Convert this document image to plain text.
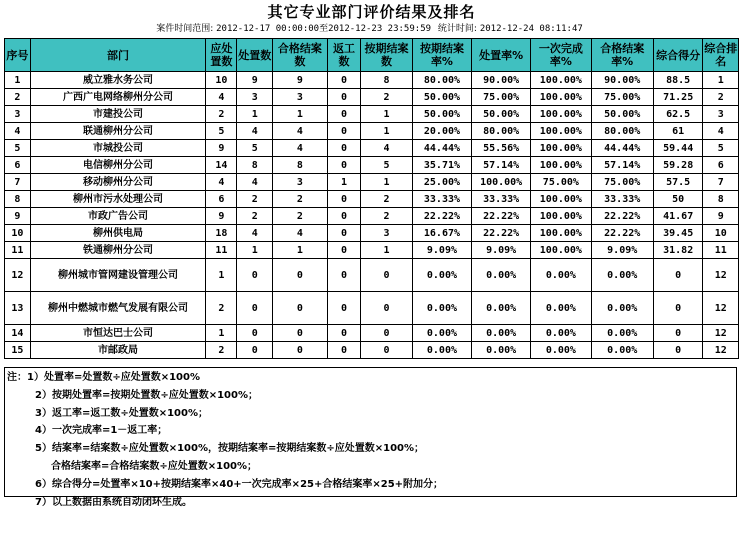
其它专业部门评价结果及排名
案件时间范围: 2012-12-17 00:00:00至2012-12-23 23:59:59 统计时间: 2012-12-24 08:11:47
序号	部门	应处置数	处置数	合格结案数	返工数	按期结案数	按期结案率%	处置率%	一次完成率%	合格结案率%	综合得分	综合排名
1	威立雅水务公司	10	9	9	0	8	80.00%	90.00%	100.00%	90.00%	88.5	1
2	广西广电网络柳州分公司	4	3	3	0	2	50.00%	75.00%	100.00%	75.00%	71.25	2
3	市建投公司	2	1	1	0	1	50.00%	50.00%	100.00%	50.00%	62.5	3
4	联通柳州分公司	5	4	4	0	1	20.00%	80.00%	100.00%	80.00%	61	4
5	市城投公司	9	5	4	0	4	44.44%	55.56%	100.00%	44.44%	59.44	5
6	电信柳州分公司	14	8	8	0	5	35.71%	57.14%	100.00%	57.14%	59.28	6
7	移动柳州分公司	4	4	3	1	1	25.00%	100.00%	75.00%	75.00%	57.5	7
8	柳州市污水处理公司	6	2	2	0	2	33.33%	33.33%	100.00%	33.33%	50	8
9	市政广告公司	9	2	2	0	2	22.22%	22.22%	100.00%	22.22%	41.67	9
10	柳州供电局	18	4	4	0	3	16.67%	22.22%	100.00%	22.22%	39.45	10
11	铁通柳州分公司	11	1	1	0	1	9.09%	9.09%	100.00%	9.09%	31.82	11
12	柳州城市管网建设管理公司	1	0	0	0	0	0.00%	0.00%	0.00%	0.00%	0	12
13	柳州中燃城市燃气发展有限公司	2	0	0	0	0	0.00%	0.00%	0.00%	0.00%	0	12
14	市恒达巴士公司	1	0	0	0	0	0.00%	0.00%	0.00%	0.00%	0	12
15	市邮政局	2	0	0	0	0	0.00%	0.00%	0.00%	0.00%	0	12
注：1）处置率=处置数÷应处置数×100%
2）按期处置率=按期处置数÷应处置数×100%；
3）返工率=返工数÷处置数×100%；
4）一次完成率=1－返工率；
5）结案率=结案数÷应处置数×100%，按期结案率=按期结案数÷应处置数×100%；
合格结案率=合格结案数÷应处置数×100%；
6）综合得分=处置率×10+按期结案率×40+一次完成率×25+合格结案率×25+附加分；
7）以上数据由系统自动闭环生成。
